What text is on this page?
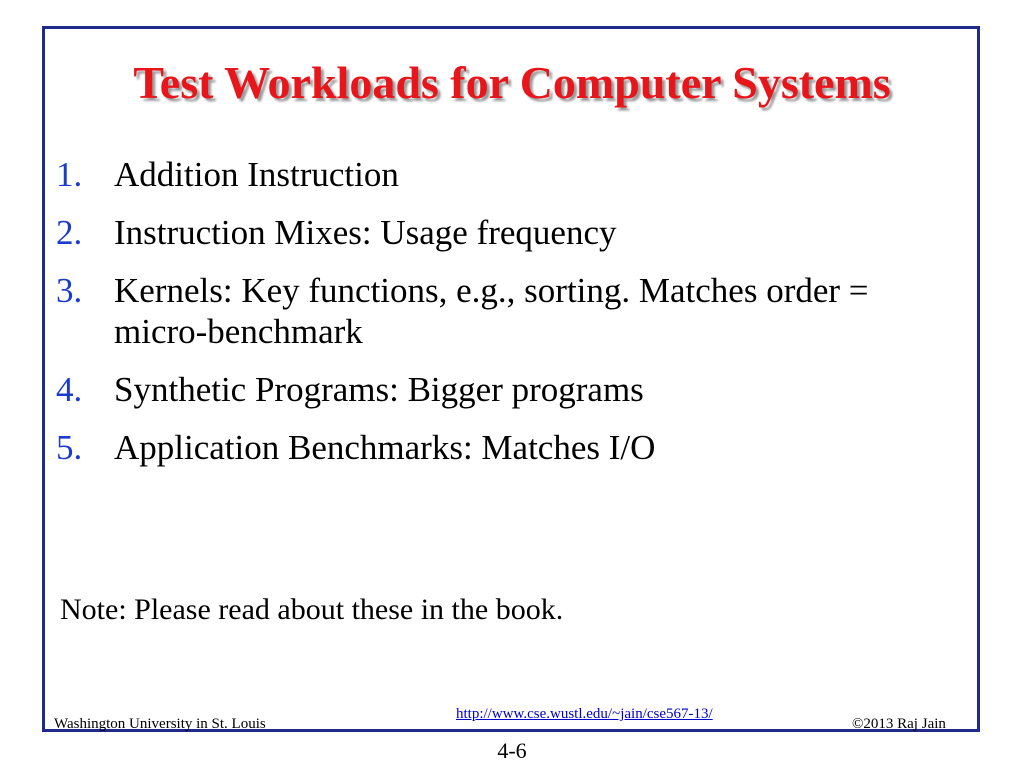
Test Workloads for Computer Systems
1. Addition Instruction
2. Instruction Mixes: Usage frequency
3. Kernels: Key functions, e.g., sorting. Matches order = micro-benchmark
4. Synthetic Programs: Bigger programs
5. Application Benchmarks: Matches I/O
Note: Please read about these in the book.
Washington University in St. Louis
http://www.cse.wustl.edu/~jain/cse567-13/
©2013 Raj Jain
4-6
